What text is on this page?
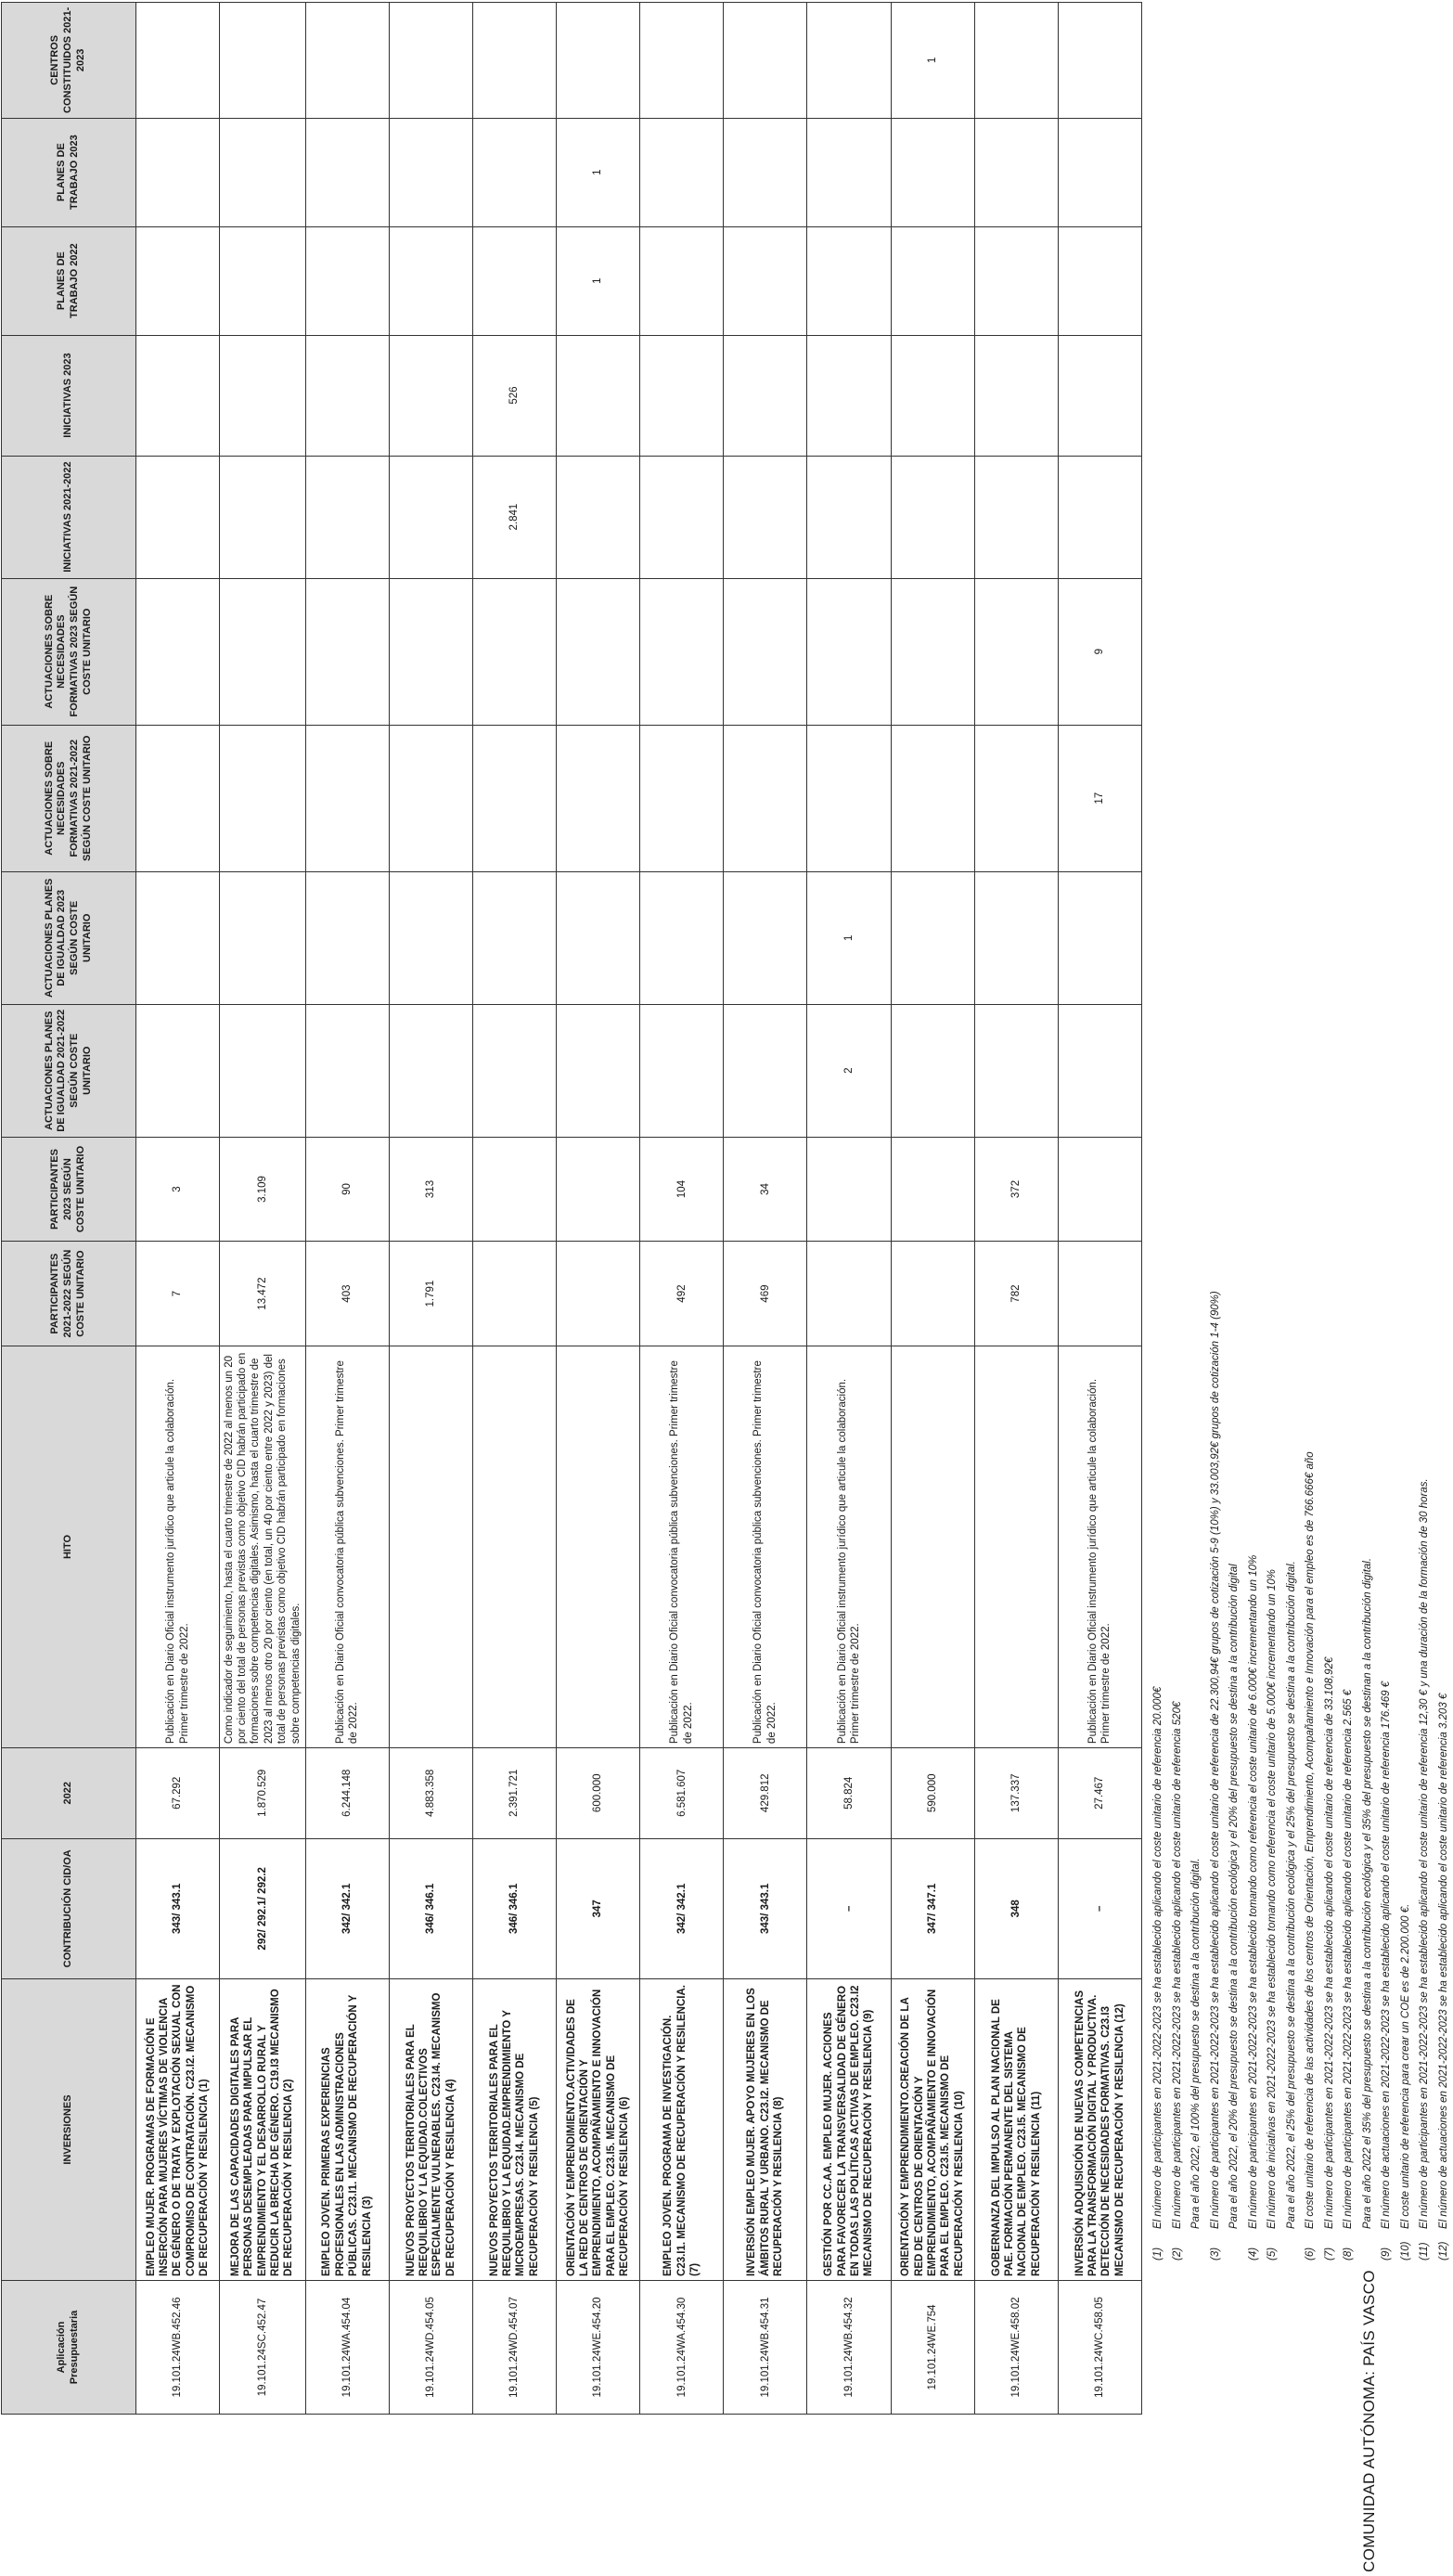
COMUNIDAD AUTÓNOMA: PAÍS VASCO
Aplicación Presupuestaria	INVERSIONES	CONTRIBUCIÓN CID/OA	2022	HITO	PARTICIPANTES 2021-2022 SEGÚN COSTE UNITARIO	PARTICIPANTES 2023 SEGÚN COSTE UNITARIO	ACTUACIONES PLANES DE IGUALDAD 2021-2022 SEGÚN COSTE UNITARIO	ACTUACIONES PLANES DE IGUALDAD 2023 SEGÚN COSTE UNITARIO	ACTUACIONES SOBRE NECESIDADES FORMATIVAS 2021-2022 SEGÚN COSTE UNITARIO	ACTUACIONES SOBRE NECESIDADES FORMATIVAS 2023 SEGÚN COSTE UNITARIO	INICIATIVAS 2021-2022	INICIATIVAS 2023	PLANES DE TRABAJO 2022	PLANES DE TRABAJO 2023	CENTROS CONSTITUIDOS 2021-2023
19.101.24WB.452.46	EMPLEO MUJER. PROGRAMAS DE FORMACIÓN E INSERCIÓN PARA MUJERES VÍCTIMAS DE VIOLENCIA DE GÉNERO O DE TRATA Y EXPLOTACIÓN SEXUAL CON COMPROMISO DE CONTRATACIÓN. C23.I2. MECANISMO DE RECUPERACIÓN Y RESILENCIA (1)	343/ 343.1	67.292	Publicación en Diario Oficial instrumento jurídico que articule la colaboración. Primer trimestre de 2022.	7	3									
19.101.24SC.452.47	MEJORA DE LAS CAPACIDADES DIGITALES PARA PERSONAS DESEMPLEADAS PARA IMPULSAR EL EMPRENDIMIENTO Y EL DESARROLLO RURAL Y REDUCIR LA BRECHA DE GÉNERO. C19.I3 MECANISMO DE RECUPERACIÓN Y RESILENCIA (2)	292/ 292.1/ 292.2	1.870.529	Como indicador de seguimiento, hasta el cuarto trimestre de 2022 al menos un 20 por ciento del total de personas previstas como objetivo CID habrán participado en formaciones sobre competencias digitales. Asimismo, hasta el cuarto trimestre de 2023 al menos otro 20 por ciento (en total, un 40 por ciento entre 2022 y 2023) del total de personas previstas como objetivo CID habrán participado en formaciones sobre competencias digitales.	13.472	3.109									
19.101.24WA.454.04	EMPLEO JOVEN. PRIMERAS EXPERIENCIAS PROFESIONALES EN LAS ADMINISTRACIONES PÚBLICAS. C23.I1. MECANISMO DE RECUPERACIÓN Y RESILENCIA (3)	342/ 342.1	6.244.148	Publicación en Diario Oficial convocatoria pública subvenciones. Primer trimestre de 2022.	403	90									
19.101.24WD.454.05	NUEVOS PROYECTOS TERRITORIALES PARA EL REEQUILIBRIO Y LA EQUIDAD.COLECTIVOS ESPECIALMENTE VULNERABLES. C23.I4. MECANISMO DE RECUPERACIÓN Y RESILENCIA (4)	346/ 346.1	4.883.358		1.791	313									
19.101.24WD.454.07	NUEVOS PROYECTOS TERRITORIALES PARA EL REEQUILIBRIO Y LA EQUIDAD.EMPRENDIMIENTO Y MICROEMPRESAS. C23.I4. MECANISMO DE RECUPERACIÓN Y RESILENCIA (5)	346/ 346.1	2.391.721								2.841	526			
19.101.24WE.454.20	ORIENTACIÓN Y EMPRENDIMIENTO.ACTIVIDADES DE LA RED DE CENTROS DE ORIENTACIÓN Y EMPRENDIMIENTO, ACOMPAÑAMIENTO E INNOVACIÓN PARA EL EMPLEO. C23.I5. MECANISMO DE RECUPERACIÓN Y RESILENCIA (6)	347	600.000										1	1	
19.101.24WA.454.30	EMPLEO JOVEN. PROGRAMA DE INVESTIGACIÓN. C23.I1. MECANISMO DE RECUPERACIÓN Y RESILENCIA. (7)	342/ 342.1	6.581.607	Publicación en Diario Oficial convocatoria pública subvenciones. Primer trimestre de 2022.	492	104									
19.101.24WB.454.31	INVERSIÓN EMPLEO MUJER. APOYO MUJERES EN LOS ÁMBITOS RURAL Y URBANO. C23.I2. MECANISMO DE RECUPERACIÓN Y RESILENCIA (8)	343/ 343.1	429.812	Publicación en Diario Oficial convocatoria pública subvenciones. Primer trimestre de 2022.	469	34									
19.101.24WB.454.32	GESTIÓN POR CC.AA. EMPLEO MUJER. ACCIONES PARA FAVORECER LA TRANSVERSALIDAD DE GÉNERO EN TODAS LAS POLÍTICAS ACTIVAS DE EMPLEO. C23.I2 MECANISMO DE RECUPERACIÓN Y RESILENCIA (9)	–	58.824	Publicación en Diario Oficial instrumento jurídico que articule la colaboración. Primer trimestre de 2022.			2	1							
19.101.24WE.754	ORIENTACIÓN Y EMPRENDIMIENTO.CREACIÓN DE LA RED DE CENTROS DE ORIENTACIÓN Y EMPRENDIMIENTO, ACOMPAÑAMIENTO E INNOVACIÓN PARA EL EMPLEO. C23.I5. MECANISMO DE RECUPERACIÓN Y RESILENCIA (10)	347/ 347.1	590.000												1
19.101.24WE.458.02	GOBERNANZA DEL IMPULSO AL PLAN NACIONAL DE PAE. FORMACIÓN PERMANENTE DEL SISTEMA NACIONAL DE EMPLEO. C23.I5. MECANISMO DE RECUPERACIÓN Y RESILENCIA (11)	348	137.337		782	372									
19.101.24WC.458.05	INVERSIÓN ADQUISICIÓN DE NUEVAS COMPETENCIAS PARA LA TRANSFORMACIÓN DIGITAL Y PRODUCTIVA. DETECCIÓN DE NECESIDADES FORMATIVAS. C23.I3 MECANISMO DE RECUPERACIÓN Y RESILENCIA (12)	–	27.467	Publicación en Diario Oficial instrumento jurídico que articule la colaboración. Primer trimestre de 2022.					17	9					
(1)
El número de participantes en 2021-2022-2023 se ha establecido aplicando el coste unitario de referencia 20.000€
(2)
El número de participantes en 2021-2022-2023 se ha establecido aplicando el coste unitario de referencia 520€ Para el año 2022, el 100% del presupuesto se destina a la contribución digital.
(3)
El número de participantes en 2021-2022-2023 se ha establecido aplicando el coste unitario de referencia de 22.300,94€ grupos de cotización 5-9 (10%) y 33.003,92€ grupos de cotización 1-4 (90%) Para el año 2022, el 20% del presupuesto se destina a la contribución ecológica y el 20% del presupuesto se destina a la contribución digital
(4)
El número de participantes en 2021-2022-2023 se ha establecido tomando como referencia el coste unitario de 6.000€ incrementando un 10%
(5)
El número de iniciativas en 2021-2022-2023 se ha establecido tomando como referencia el coste unitario de 5.000€ incrementando un 10% Para el año 2022, el 25% del presupuesto se destina a la contribución ecológica y el 25% del presupuesto se destina a la contribución digital.
(6)
El coste unitario de referencia de las actividades de los centros de Orientación, Emprendimiento, Acompañamiento e Innovación para el empleo es de 766.666€ año
(7)
El número de participantes en 2021-2022-2023 se ha establecido aplicando el coste unitario de referencia de 33.108,92€
(8)
El número de participantes en 2021-2022-2023 se ha establecido aplicando el coste unitario de referencia 2.565 € Para el año 2022 el 35% del presupuesto se destina a la contribución ecológica y el 35% del presupuesto se destinan a la contribución digital.
(9)
El número de actuaciones en 2021-2022-2023 se ha establecido aplicando el coste unitario de referencia 176.469 €
(10)
El coste unitario de referencia para crear un COE es de 2.200.000 €.
(11)
El número de participantes en 2021-2022-2023 se ha establecido aplicando el coste unitario de referencia 12,30 € y una duración de la formación de 30 horas.
(12)
El número de actuaciones en 2021-2022-2023 se ha establecido aplicando el coste unitario de referencia 3.203 €
